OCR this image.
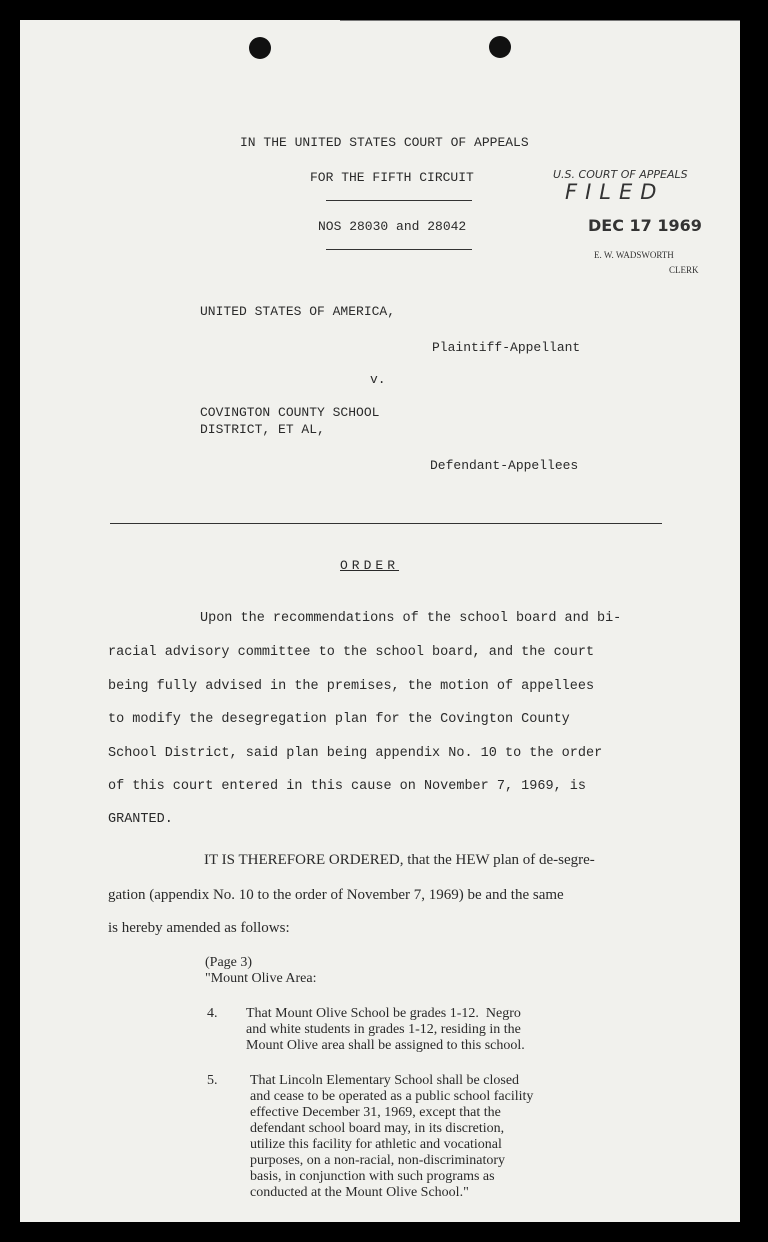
IN THE UNITED STATES COURT OF APPEALS
FOR THE FIFTH CIRCUIT
NOS 28030 and 28042
U.S. COURT OF APPEALS
FILED
DEC 17 1969
E. W. WADSWORTH
CLERK
UNITED STATES OF AMERICA,
Plaintiff-Appellant
v.
COVINGTON COUNTY SCHOOL
DISTRICT, ET AL,
Defendant-Appellees
ORDER
Upon the recommendations of the school board and bi-
racial advisory committee to the school board, and the court
being fully advised in the premises, the motion of appellees
to modify the desegregation plan for the Covington County
School District, said plan being appendix No. 10 to the order
of this court entered in this cause on November 7, 1969, is
GRANTED.
IT IS THEREFORE ORDERED, that the HEW plan of de-segre-
gation (appendix No. 10 to the order of November 7, 1969) be and the same
is hereby amended as follows:
(Page 3)
"Mount Olive Area:
4. That Mount Olive School be grades 1-12.  Negro
and white students in grades 1-12, residing in the
Mount Olive area shall be assigned to this school.
5. That Lincoln Elementary School shall be closed
and cease to be operated as a public school facility
effective December 31, 1969, except that the
defendant school board may, in its discretion,
utilize this facility for athletic and vocational
purposes, on a non-racial, non-discriminatory
basis, in conjunction with such programs as
conducted at the Mount Olive School."
